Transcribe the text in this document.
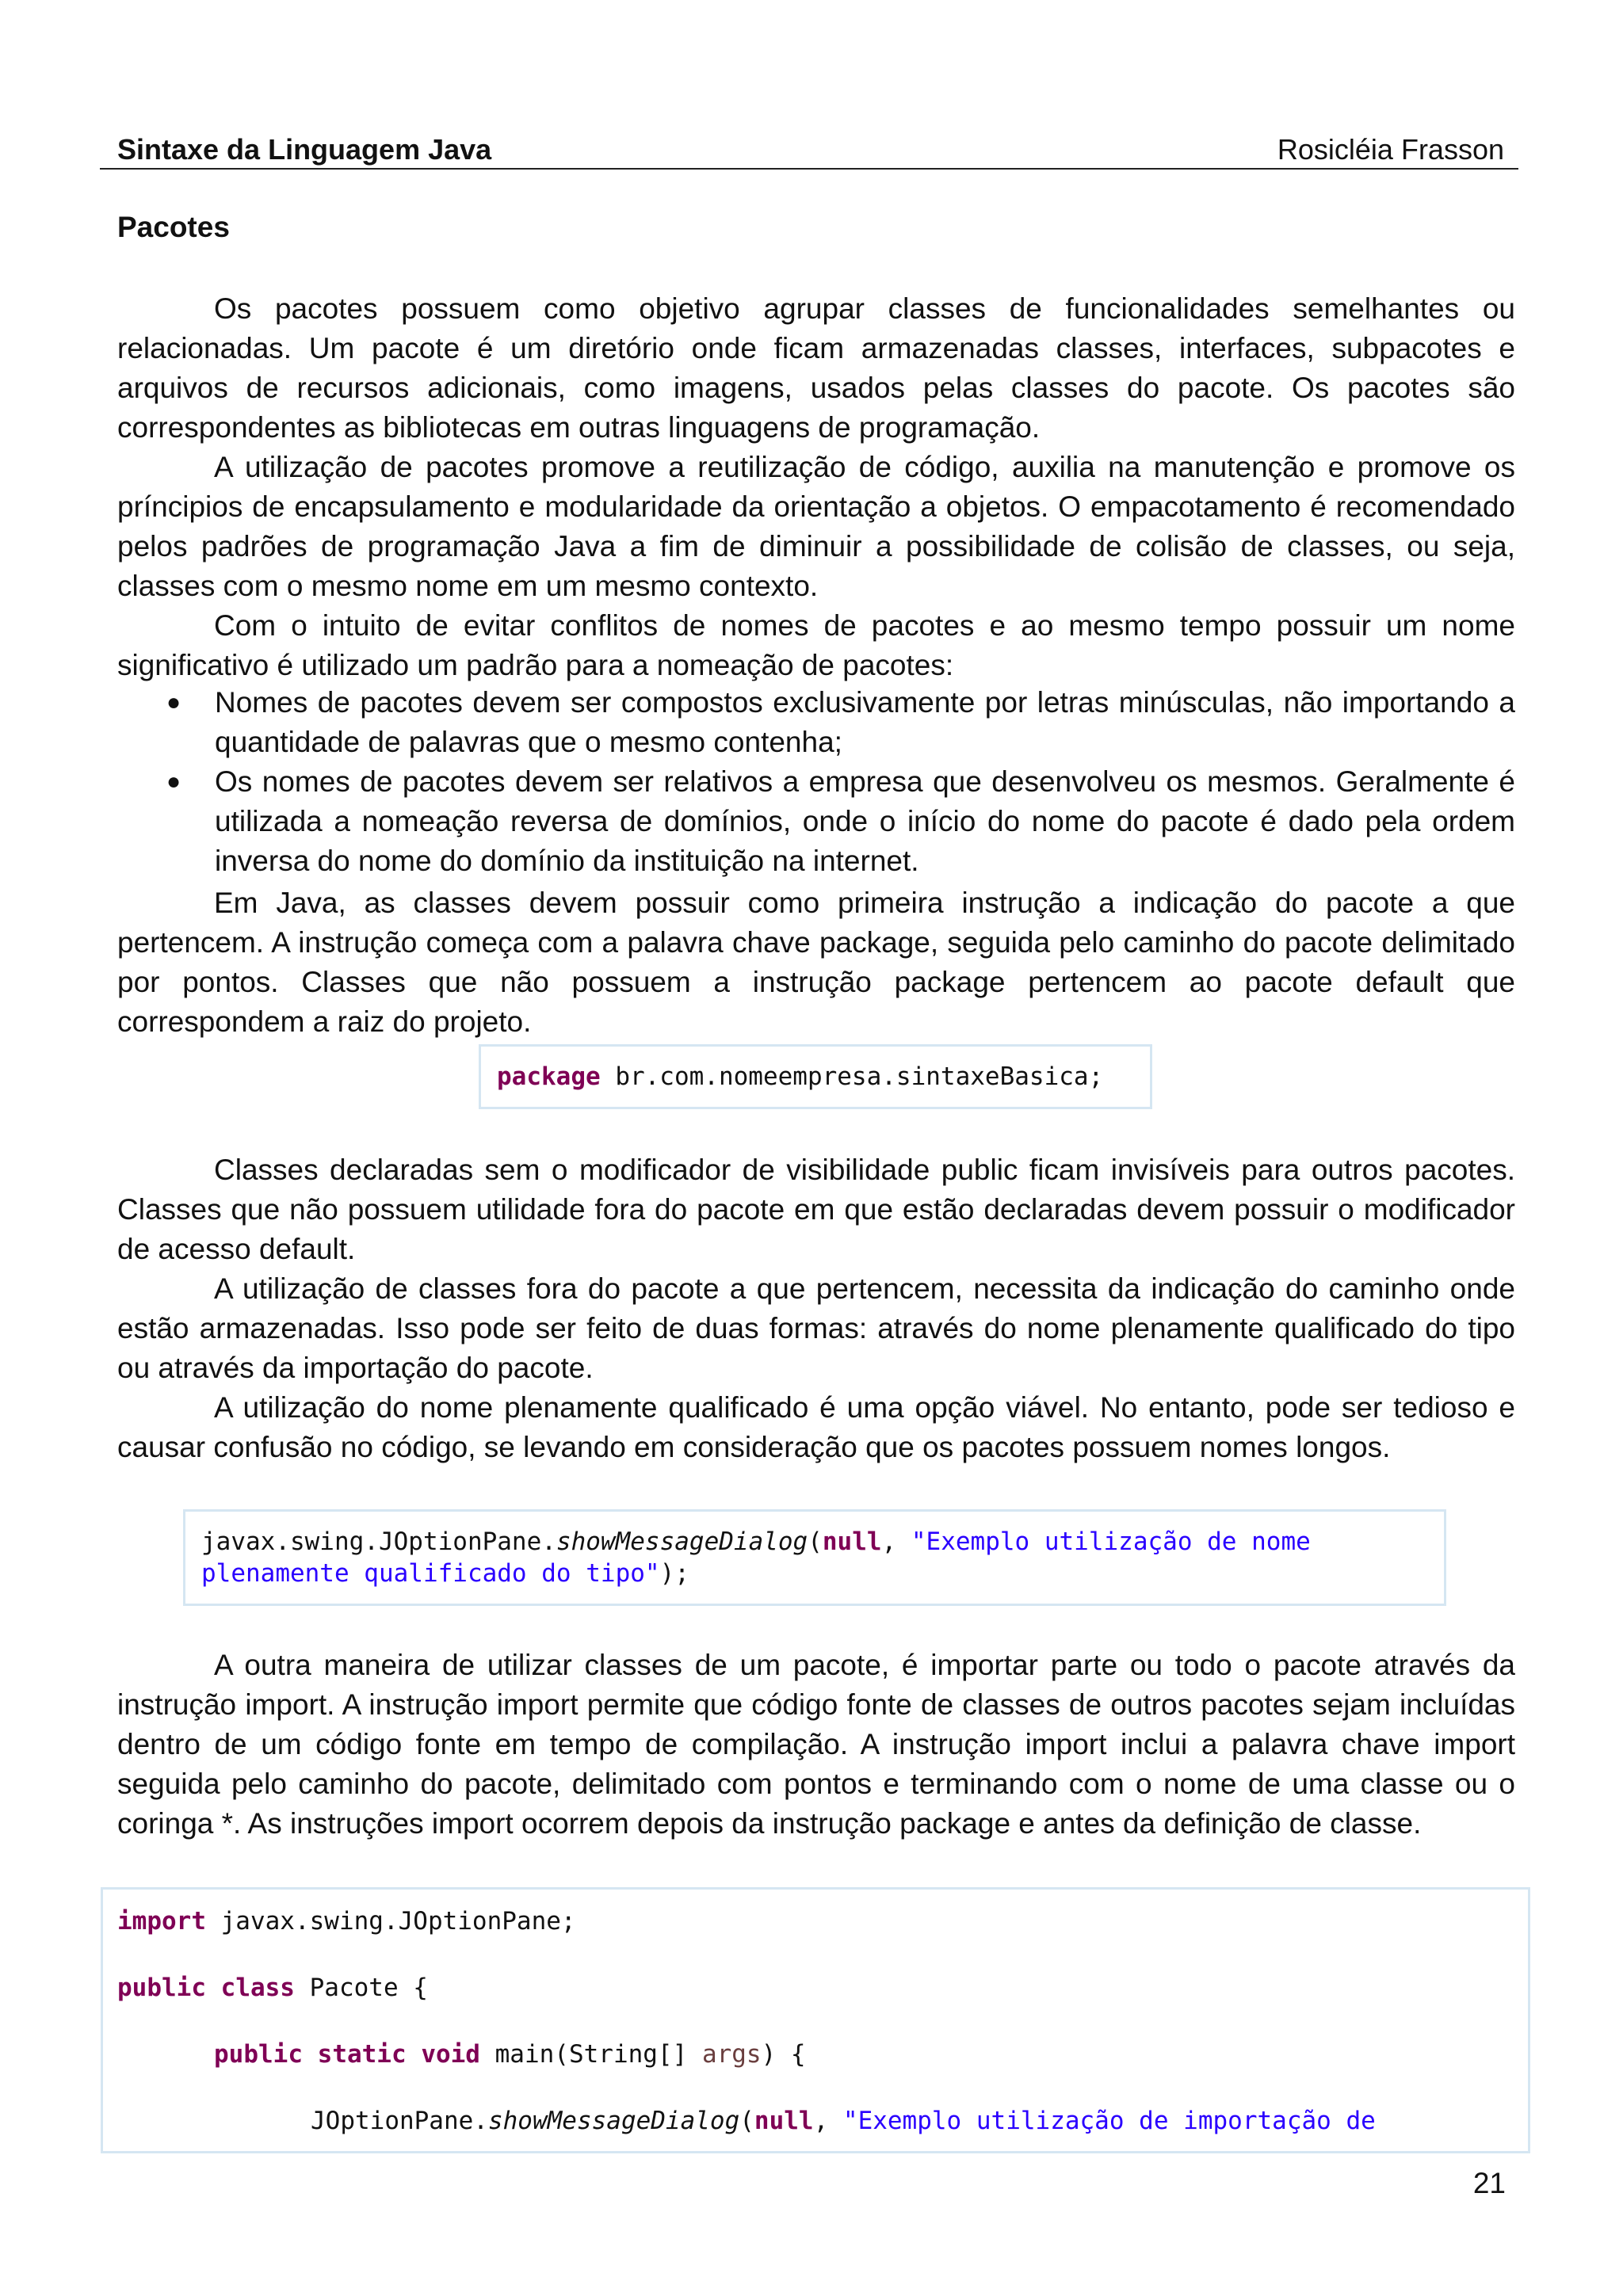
Sintaxe da Linguagem Java	Rosicléia Frasson
Pacotes

Os pacotes possuem como objetivo agrupar classes de funcionalidades semelhantes ou relacionadas. Um pacote é um diretório onde ficam armazenadas classes, interfaces, subpacotes e arquivos de recursos adicionais, como imagens, usados pelas classes do pacote. Os pacotes são correspondentes as bibliotecas em outras linguagens de programação.

A utilização de pacotes promove a reutilização de código, auxilia na manutenção e promove os príncipios de encapsulamento e modularidade da orientação a objetos. O empacotamento é recomendado pelos padrões de programação Java a fim de diminuir a possibilidade de colisão de classes, ou seja, classes com o mesmo nome em um mesmo contexto.

Com o intuito de evitar conflitos de nomes de pacotes e ao mesmo tempo possuir um nome significativo é utilizado um padrão para a nomeação de pacotes:

● Nomes de pacotes devem ser compostos exclusivamente por letras minúsculas, não importando a quantidade de palavras que o mesmo contenha;
● Os nomes de pacotes devem ser relativos a empresa que desenvolveu os mesmos. Geralmente é utilizada a nomeação reversa de domínios, onde o início do nome do pacote é dado pela ordem inversa do nome do domínio da instituição na internet.

Em Java, as classes devem possuir como primeira instrução a indicação do pacote a que pertencem. A instrução começa com a palavra chave package, seguida pelo caminho do pacote delimitado por pontos. Classes que não possuem a instrução package pertencem ao pacote default que correspondem a raiz do projeto.

package br.com.nomeempresa.sintaxeBasica;

Classes declaradas sem o modificador de visibilidade public ficam invisíveis para outros pacotes. Classes que não possuem utilidade fora do pacote em que estão declaradas devem possuir o modificador de acesso default.

A utilização de classes fora do pacote a que pertencem, necessita da indicação do caminho onde estão armazenadas. Isso pode ser feito de duas formas: através do nome plenamente qualificado do tipo ou através da importação do pacote.

A utilização do nome plenamente qualificado é uma opção viável. No entanto, pode ser tedioso e causar confusão no código, se levando em consideração que os pacotes possuem nomes longos.

javax.swing.JOptionPane.showMessageDialog(null, "Exemplo utilização de nome
plenamente qualificado do tipo");

A outra maneira de utilizar classes de um pacote, é importar parte ou todo o pacote através da instrução import. A instrução import permite que código fonte de classes de outros pacotes sejam incluídas dentro de um código fonte em tempo de compilação. A instrução import inclui a palavra chave import seguida pelo caminho do pacote, delimitado com pontos e terminando com o nome de uma classe ou o coringa *. As instruções import ocorrem depois da instrução package e antes da definição de classe.

import javax.swing.JOptionPane;
public class Pacote {
public static void main(String[] args) {
JOptionPane.showMessageDialog(null, "Exemplo utilização de importação de
21
